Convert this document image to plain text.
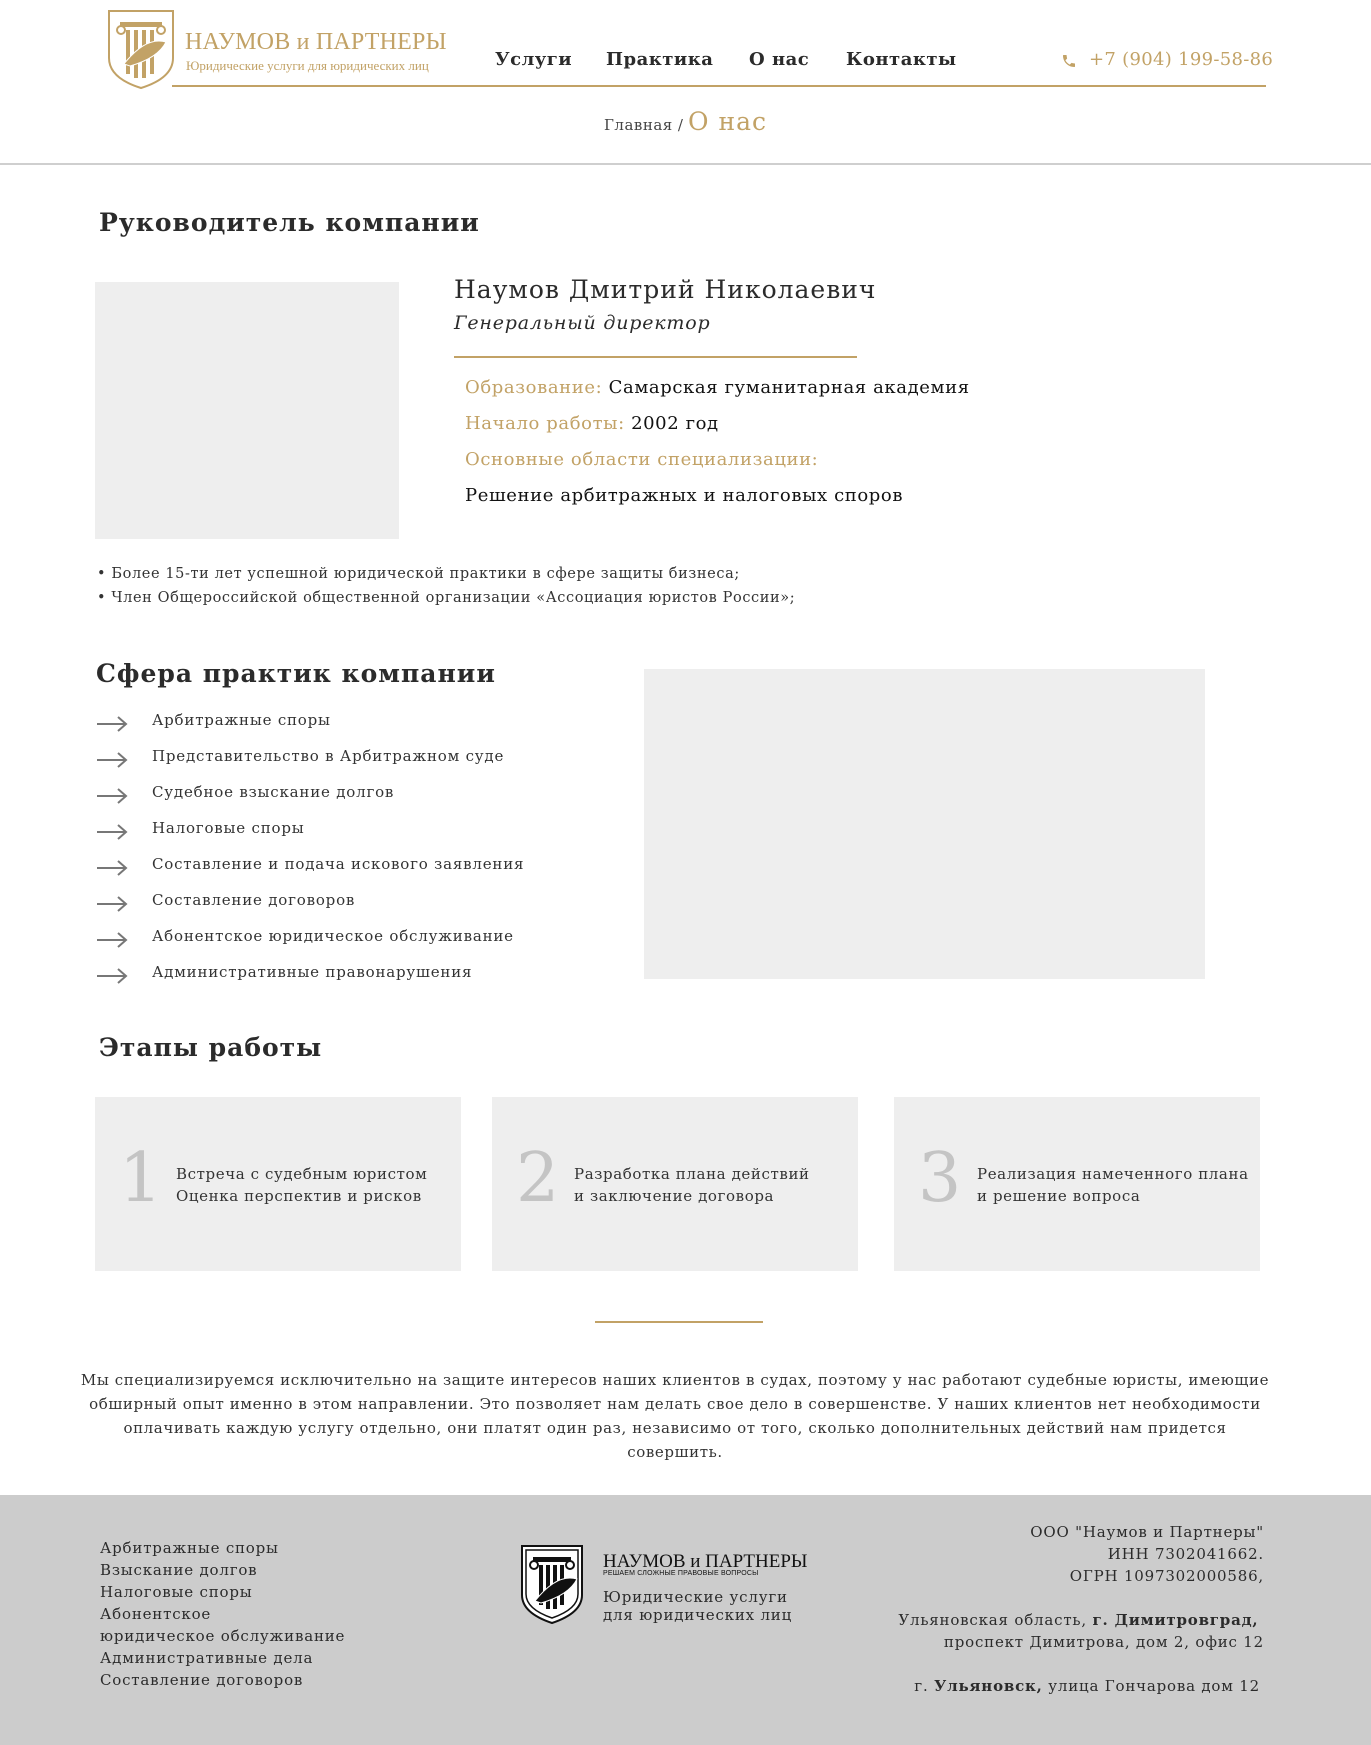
НАУМОВ и ПАРТНЕРЫ
Юридические услуги для юридических лиц	Услуги Практика О нас Контакты	+7 (904) 199-58-86
Главная / О нас
Руководитель компании
Наумов Дмитрий Николаевич
Генеральный директор
Образование: Самарская гуманитарная академия
Начало работы: 2002 год
Основные области специализации:
Решение арбитражных и налоговых споров
• Более 15-ти лет успешной юридической практики в сфере защиты бизнеса;
• Член Общероссийской общественной организации «Ассоциация юристов России»;
Сфера практик компании
Арбитражные споры
Представительство в Арбитражном суде
Судебное взыскание долгов
Налоговые споры
Составление и подача искового заявления
Составление договоров
Абонентское юридическое обслуживание
Административные правонарушения
Этапы работы
1 Встреча с судебным юристом
Оценка перспектив и рисков 2 Разработка плана действий
и заключение договора	3 Реализация намеченного плана
и решение вопроса
Мы специализируемся исключительно на защите интересов наших клиентов в судах, поэтому у нас работают судебные юристы, имеющие
обширный опыт именно в этом направлении. Это позволяет нам делать свое дело в совершенстве. У наших клиентов нет необходимости
оплачивать каждую услугу отдельно, они платят один раз, независимо от того, сколько дополнительных действий нам придется совершить.
Арбитражные споры
Взыскание долгов
Налоговые споры
Абонентское
юридическое обслуживание
Административные дела
Составление договоров
НАУМОВ и ПАРТНЕРЫ
РЕШАЕМ СЛОЖНЫЕ ПРАВОВЫЕ ВОПРОСЫ
Юридические услуги
для юридических лиц
ООО "Наумов и Партнеры"
ИНН 7302041662.
ОГРН 1097302000586,
Ульяновская область, г. Димитровград,
проспект Димитрова, дом 2, офис 12
г. Ульяновск, улица Гончарова дом 12
